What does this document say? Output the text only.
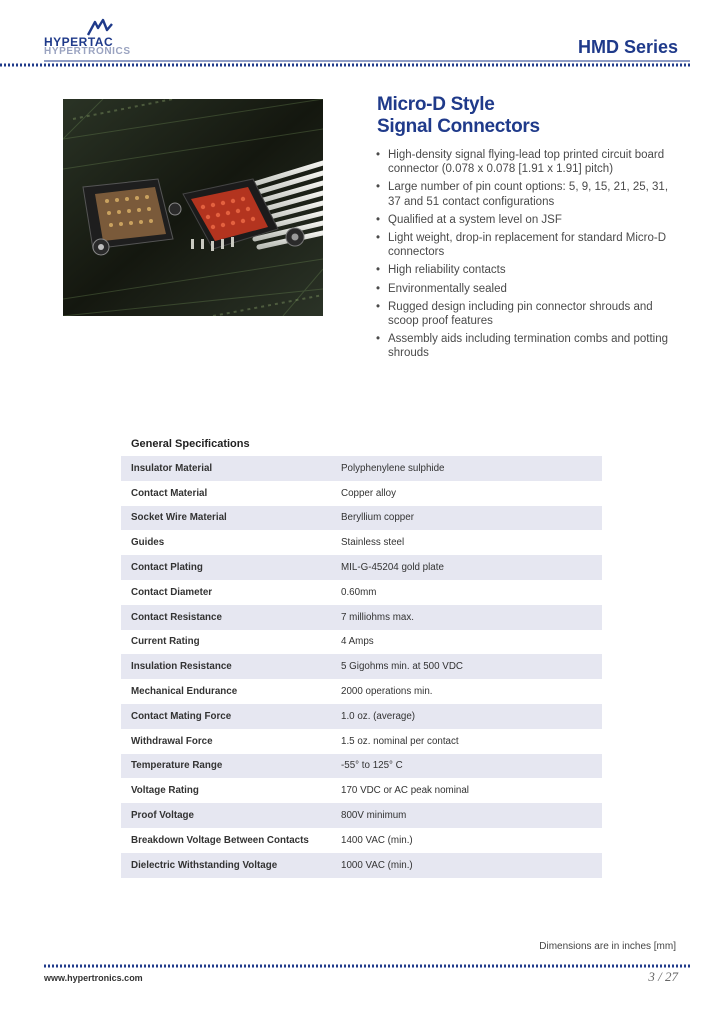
HYPERTAC
HYPERTRONICS	HMD Series
Micro-D Style
Signal Connectors
• High-density signal flying-lead top printed circuit board connector (0.078 x 0.078 [1.91 x 1.91] pitch)
• Large number of pin count options: 5, 9, 15, 21, 25, 31, 37 and 51 contact configurations
• Qualified at a system level on JSF
• Light weight, drop-in replacement for standard Micro-D connectors
• High reliability contacts
• Environmentally sealed
• Rugged design including pin connector shrouds and scoop proof features
• Assembly aids including termination combs and potting shrouds
General Specifications	
Insulator Material	Polyphenylene sulphide
Contact Material	Copper alloy
Socket Wire Material	Beryllium copper
Guides	Stainless steel
Contact Plating	MIL-G-45204 gold plate
Contact Diameter	0.60mm
Contact Resistance	7 milliohms max.
Current Rating	4 Amps
Insulation Resistance	5 Gigohms min. at 500 VDC
Mechanical Endurance	2000 operations min.
Contact Mating Force	1.0 oz. (average)
Withdrawal Force	1.5 oz. nominal per contact
Temperature Range	-55° to 125° C
Voltage Rating	170 VDC or AC peak nominal
Proof Voltage	800V minimum
Breakdown Voltage Between Contacts	1400 VAC (min.)
Dielectric Withstanding Voltage	1000 VAC (min.)
Dimensions are in inches [mm]
www.hypertronics.com	3 / 27
